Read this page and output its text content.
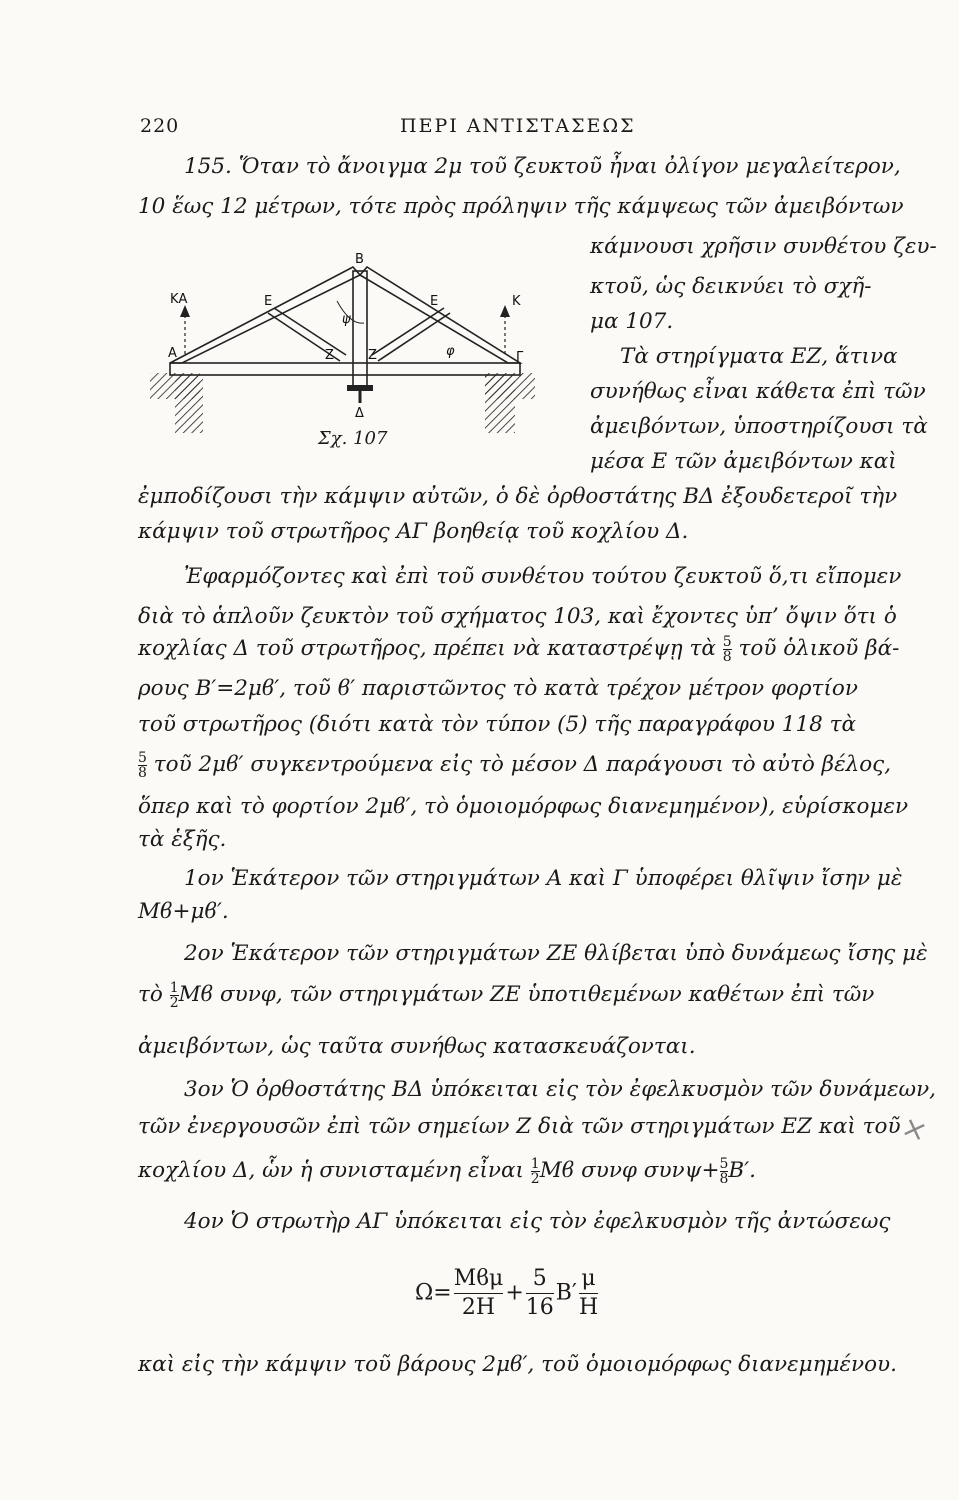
220	ΠΕΡΙ ΑΝΤΙΣΤΑΣΕΩΣ
155. Ὅταν τὸ ἄνοιγμα 2μ τοῦ ζευκτοῦ ἦναι ὀλίγον μεγαλείτερον,
10 ἕως 12 μέτρων, τότε πρὸς πρόληψιν τῆς κάμψεως τῶν ἀμειβόντων
κάμνουσι χρῆσιν συνθέτου ζευ-
κτοῦ, ὡς δεικνύει τὸ σχῆ-
μα 107.
Τὰ στηρίγματα ΕΖ, ἅτινα
συνήθως εἶναι κάθετα ἐπὶ τῶν
ἀμειβόντων, ὑποστηρίζουσι τὰ
μέσα Ε τῶν ἀμειβόντων καὶ
ἐμποδίζουσι τὴν κάμψιν αὐτῶν, ὁ δὲ ὀρθοστάτης ΒΔ ἐξουδετεροῖ τὴν
κάμψιν τοῦ στρωτῆρος ΑΓ βοηθείᾳ τοῦ κοχλίου Δ.
B
ΚΑ	E	E	K
A	Z	Z	φ
ψ
Γ
Δ
Σχ. 107
Ἐφαρμόζοντες καὶ ἐπὶ τοῦ συνθέτου τούτου ζευκτοῦ ὅ,τι εἴπομεν
διὰ τὸ ἁπλοῦν ζευκτὸν τοῦ σχήματος 103, καὶ ἔχοντες ὑπ’ ὄψιν ὅτι ὁ
κοχλίας Δ τοῦ στρωτῆρος, πρέπει νὰ καταστρέψῃ τὰ $\frac{5}{8}$ τοῦ ὁλικοῦ βά-
ρους Β′=2μϐ′, τοῦ ϐ′ παριστῶντος τὸ κατὰ τρέχον μέτρον φορτίον
τοῦ στρωτῆρος (διότι κατὰ τὸν τύπον (5) τῆς παραγράφου 118 τὰ
$\frac{5}{8}$ τοῦ 2μϐ′ συγκεντρούμενα εἰς τὸ μέσον Δ παράγουσι τὸ αὐτὸ βέλος,
ὅπερ καὶ τὸ φορτίον 2μϐ′, τὸ ὁμοιομόρφως διανεμημένον), εὑρίσκομεν
τὰ ἑξῆς.
1ον Ἑκάτερον τῶν στηριγμάτων Α καὶ Γ ὑποφέρει θλῖψιν ἴσην μὲ
Μϐ+μϐ′.
2ον Ἑκάτερον τῶν στηριγμάτων ΖΕ θλίβεται ὑπὸ δυνάμεως ἴσης μὲ
τὸ $\frac{1}{2}$ Μϐ συνφ, τῶν στηριγμάτων ΖΕ ὑποτιθεμένων καθέτων ἐπὶ τῶν
ἀμειβόντων, ὡς ταῦτα συνήθως κατασκευάζονται.
3ον Ὁ ὀρθοστάτης ΒΔ ὑπόκειται εἰς τὸν ἐφελκυσμὸν τῶν δυνάμεων,
τῶν ἐνεργουσῶν ἐπὶ τῶν σημείων Ζ διὰ τῶν στηριγμάτων ΕΖ καὶ τοῦ
κοχλίου Δ, ὧν ἡ συνισταμένη εἶναι $\frac{1}{2}$ Μϐ συνφ $\sigma\upsilon\nu\psi+ \frac{5}{8} B'$.
4ον Ὁ στρωτὴρ ΑΓ ὑπόκειται εἰς τὸν ἐφελκυσμὸν τῆς ἀντώσεως
Ω=
Μϐμ
2Η
+ $\frac{5}{16} B' \frac{\mu}{H}$
καὶ εἰς τὴν κάμψιν τοῦ βάρους 2μϐ′, τοῦ ὁμοιομόρφως διανεμημένου.
×
